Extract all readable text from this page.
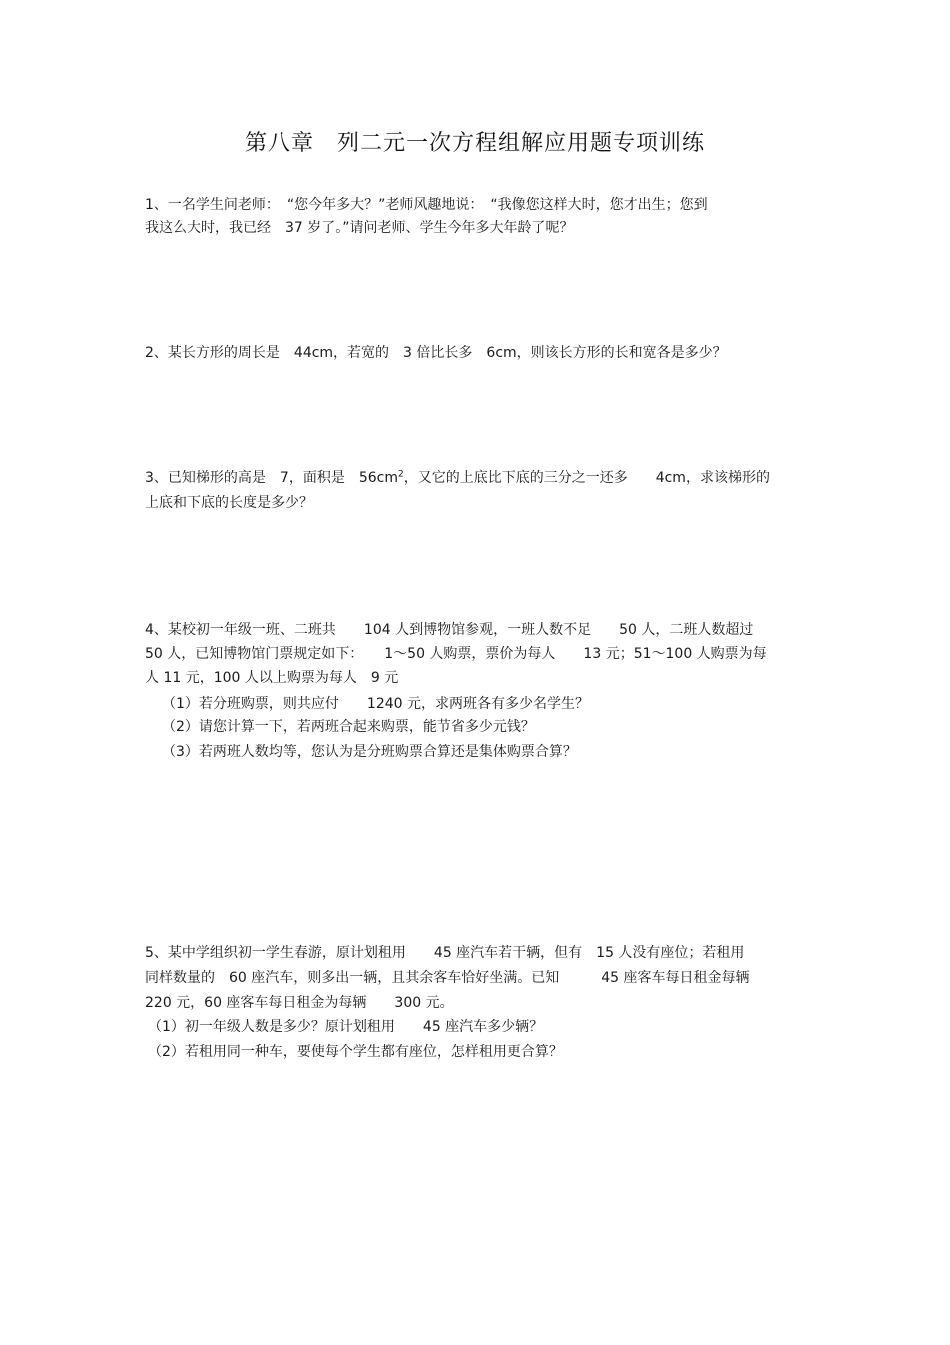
第八章　列二元一次方程组解应用题专项训练
1、一名学生问老师：　“您今年多大？”老师风趣地说：　“我像您这样大时，您才出生；您到
我这么大时，我已经　37 岁了。”请问老师、学生今年多大年龄了呢？
2、某长方形的周长是　44cm，若宽的　3 倍比长多　6cm，则该长方形的长和宽各是多少？
3、已知梯形的高是　7，面积是　$56cm^2$，又它的上底比下底的三分之一还多　　4cm，求该梯形的
上底和下底的长度是多少？
4、某校初一年级一班、二班共　　104 人到博物馆参观，一班人数不足　　50 人，二班人数超过
50 人，已知博物馆门票规定如下：　　1～50 人购票，票价为每人　　13 元；51～100 人购票为每
人 11 元，100 人以上购票为每人　9 元
（1）若分班购票，则共应付　　1240 元，求两班各有多少名学生？
（2）请您计算一下，若两班合起来购票，能节省多少元钱？
（3）若两班人数均等，您认为是分班购票合算还是集体购票合算？
5、某中学组织初一学生春游，原计划租用　　45 座汽车若干辆，但有　15 人没有座位；若租用
同样数量的　60 座汽车，则多出一辆，且其余客车恰好坐满。已知　　　45 座客车每日租金每辆
220 元，60 座客车每日租金为每辆　　300 元。
（1）初一年级人数是多少？原计划租用　　45 座汽车多少辆？
（2）若租用同一种车，要使每个学生都有座位，怎样租用更合算？
